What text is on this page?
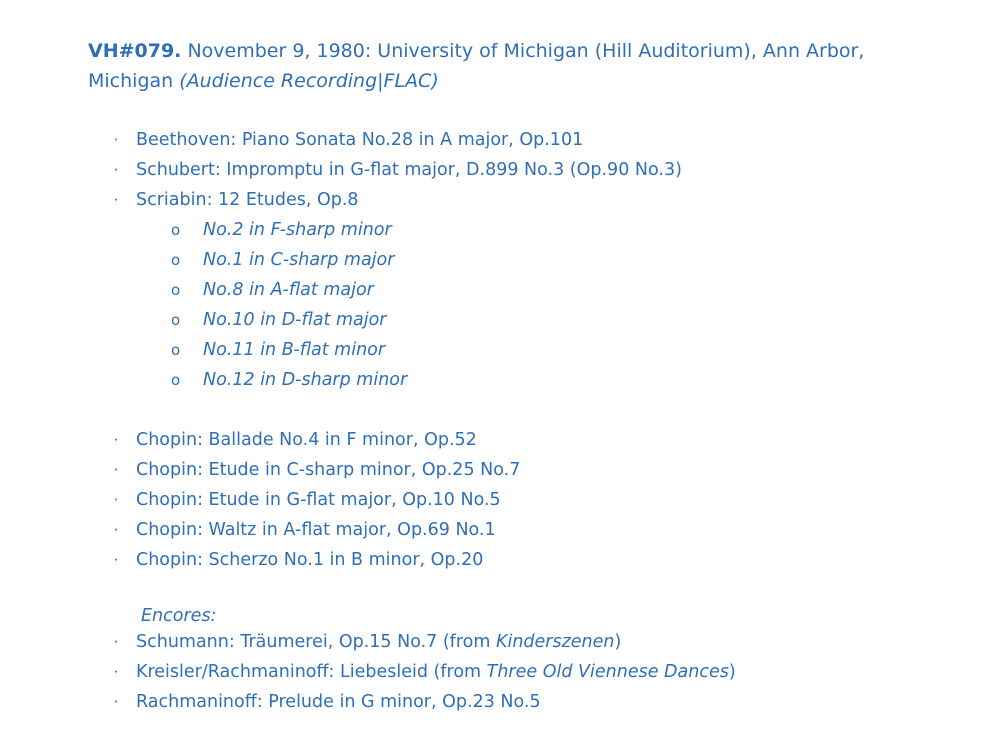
VH#079. November 9, 1980: University of Michigan (Hill Auditorium), Ann Arbor, Michigan (Audience Recording|FLAC)
· Beethoven: Piano Sonata No.28 in A major, Op.101
· Schubert: Impromptu in G-flat major, D.899 No.3 (Op.90 No.3)
· Scriabin: 12 Etudes, Op.8
o No.2 in F-sharp minor
o No.1 in C-sharp major
o No.8 in A-flat major
o No.10 in D-flat major
o No.11 in B-flat minor
o No.12 in D-sharp minor
· Chopin: Ballade No.4 in F minor, Op.52
· Chopin: Etude in C-sharp minor, Op.25 No.7
· Chopin: Etude in G-flat major, Op.10 No.5
· Chopin: Waltz in A-flat major, Op.69 No.1
· Chopin: Scherzo No.1 in B minor, Op.20
Encores:
· Schumann: Träumerei, Op.15 No.7 (from Kinderszenen)
· Kreisler/Rachmaninoff: Liebesleid (from Three Old Viennese Dances)
· Rachmaninoff: Prelude in G minor, Op.23 No.5
